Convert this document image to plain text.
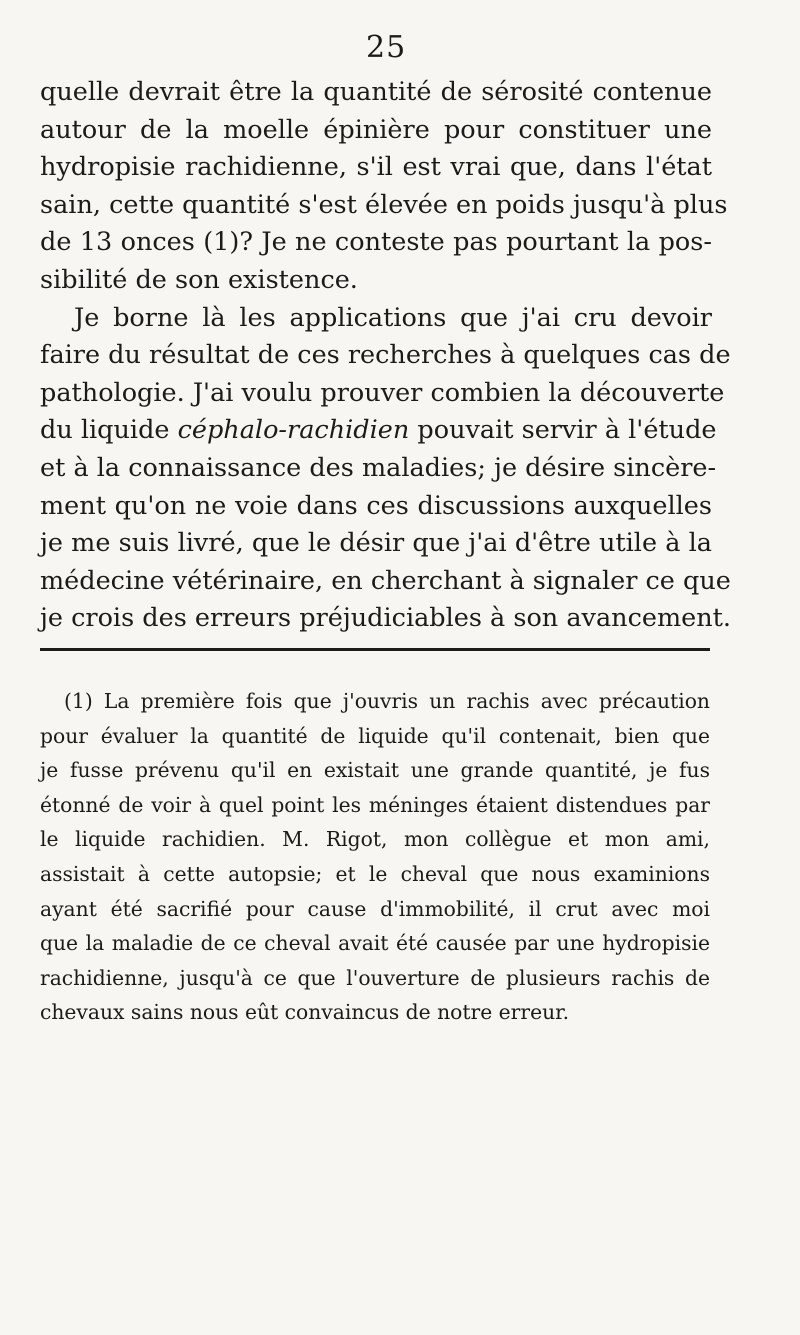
25
quelle devrait être la quantité de sérosité contenue
autour de la moelle épinière pour constituer une
hydropisie rachidienne, s'il est vrai que, dans l'état
sain, cette quantité s'est élevée en poids jusqu'à plus
de 13 onces (1)? Je ne conteste pas pourtant la pos-
sibilité de son existence.
Je borne là les applications que j'ai cru devoir
faire du résultat de ces recherches à quelques cas de
pathologie. J'ai voulu prouver combien la découverte
du liquide céphalo-rachidien pouvait servir à l'étude
et à la connaissance des maladies; je désire sincère-
ment qu'on ne voie dans ces discussions auxquelles
je me suis livré, que le désir que j'ai d'être utile à la
médecine vétérinaire, en cherchant à signaler ce que
je crois des erreurs préjudiciables à son avancement.
(1) La première fois que j'ouvris un rachis avec précaution
pour évaluer la quantité de liquide qu'il contenait, bien que
je fusse prévenu qu'il en existait une grande quantité, je fus
étonné de voir à quel point les méninges étaient distendues par
le liquide rachidien. M. Rigot, mon collègue et mon ami,
assistait à cette autopsie; et le cheval que nous examinions
ayant été sacrifié pour cause d'immobilité, il crut avec moi
que la maladie de ce cheval avait été causée par une hydropisie
rachidienne, jusqu'à ce que l'ouverture de plusieurs rachis de
chevaux sains nous eût convaincus de notre erreur.
